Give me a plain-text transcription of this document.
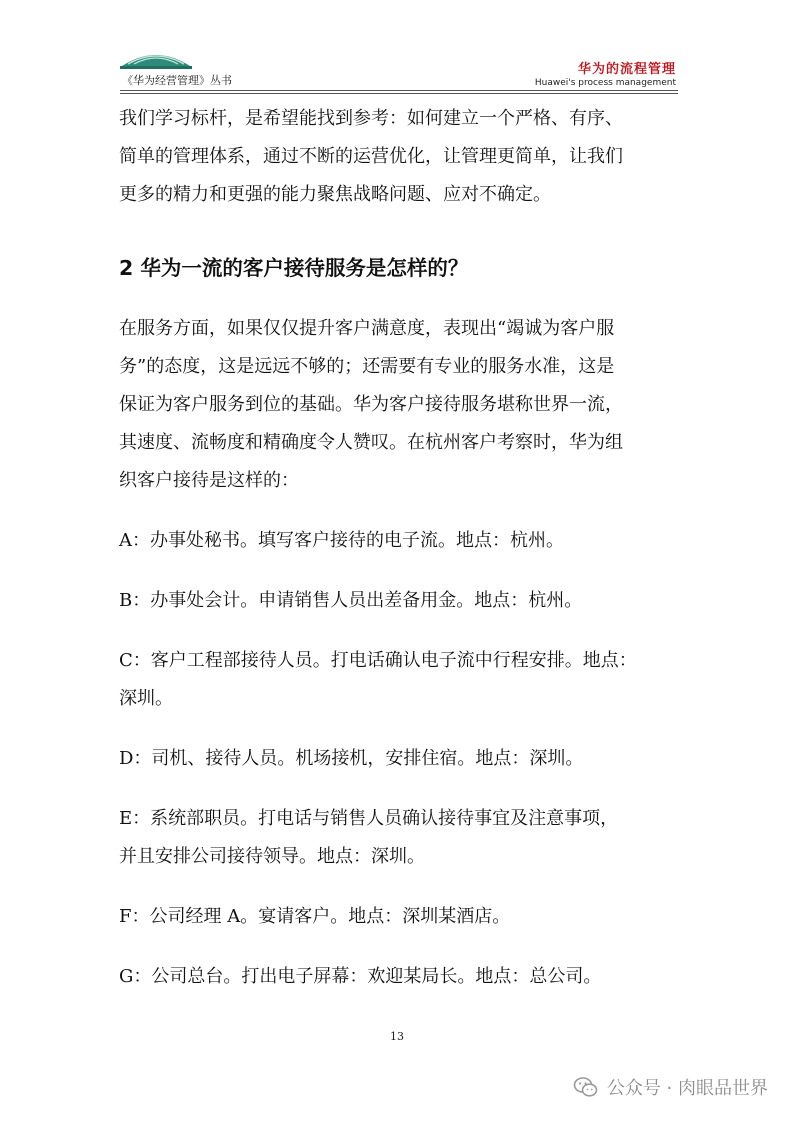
《华为经营管理》丛书
华为的流程管理
Huawei's process management

我们学习标杆，是希望能找到参考：如何建立一个严格、有序、
简单的管理体系，通过不断的运营优化，让管理更简单，让我们
更多的精力和更强的能力聚焦战略问题、应对不确定。

2 华为一流的客户接待服务是怎样的？

在服务方面，如果仅仅提升客户满意度，表现出“竭诚为客户服
务”的态度，这是远远不够的；还需要有专业的服务水准，这是
保证为客户服务到位的基础。华为客户接待服务堪称世界一流，
其速度、流畅度和精确度令人赞叹。在杭州客户考察时，华为组
织客户接待是这样的：

A：办事处秘书。填写客户接待的电子流。地点：杭州。

B：办事处会计。申请销售人员出差备用金。地点：杭州。

C：客户工程部接待人员。打电话确认电子流中行程安排。地点：
深圳。

D：司机、接待人员。机场接机，安排住宿。地点：深圳。

E：系统部职员。打电话与销售人员确认接待事宜及注意事项，
并且安排公司接待领导。地点：深圳。

F：公司经理 A。宴请客户。地点：深圳某酒店。

G：公司总台。打出电子屏幕：欢迎某局长。地点：总公司。

13
公众号 · 肉眼品世界
